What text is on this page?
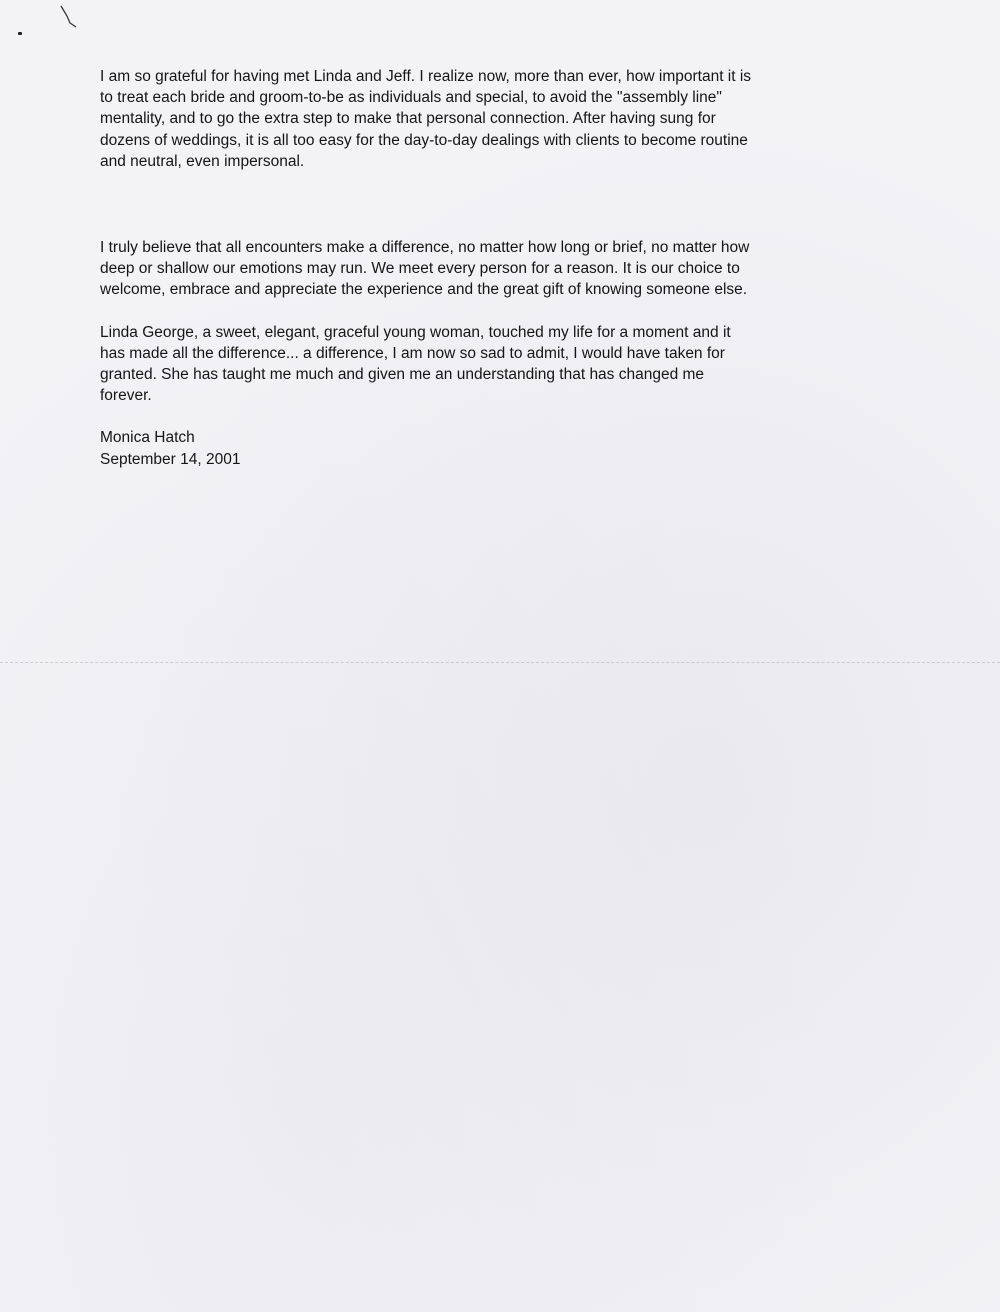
I am so grateful for having met Linda and Jeff. I realize now, more than ever, how important it is
to treat each bride and groom-to-be as individuals and special, to avoid the "assembly line"
mentality, and to go the extra step to make that personal connection. After having sung for
dozens of weddings, it is all too easy for the day-to-day dealings with clients to become routine
and neutral, even impersonal.

I truly believe that all encounters make a difference, no matter how long or brief, no matter how
deep or shallow our emotions may run. We meet every person for a reason. It is our choice to
welcome, embrace and appreciate the experience and the great gift of knowing someone else.

Linda George, a sweet, elegant, graceful young woman, touched my life for a moment and it
has made all the difference... a difference, I am now so sad to admit, I would have taken for
granted. She has taught me much and given me an understanding that has changed me
forever.

Monica Hatch
September 14, 2001
